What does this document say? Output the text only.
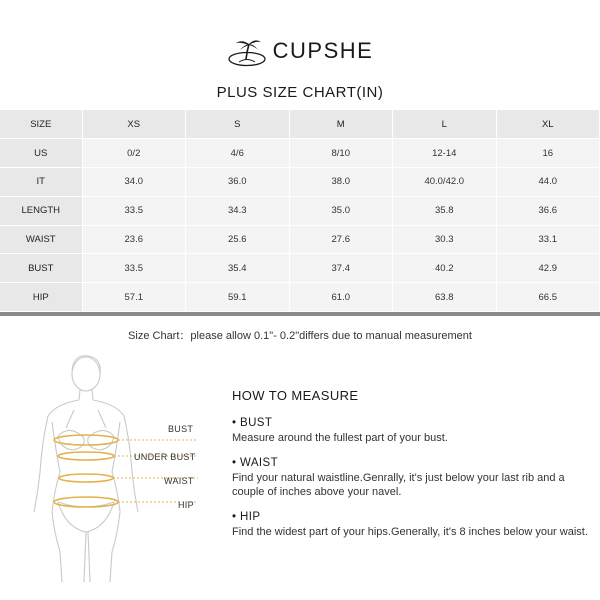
CUPSHE
PLUS SIZE CHART(IN)
SIZE	XS	S	M	L	XL
US	0/2	4/6	8/10	12-14	16
IT	34.0	36.0	38.0	40.0/42.0	44.0
LENGTH	33.5	34.3	35.0	35.8	36.6
WAIST	23.6	25.6	27.6	30.3	33.1
BUST	33.5	35.4	37.4	40.2	42.9
HIP	57.1	59.1	61.0	63.8	66.5
Size Chart：please allow 0.1"- 0.2"differs due to manual measurement
BUST
UNDER BUST
WAIST
HIP
HOW TO MEASURE
• BUST
Measure around the fullest part of your bust.
• WAIST
Find your natural waistline.Genrally, it's just below your last rib and a couple of inches above your navel.
• HIP
Find the widest part of your hips.Generally, it's 8 inches below your waist.
